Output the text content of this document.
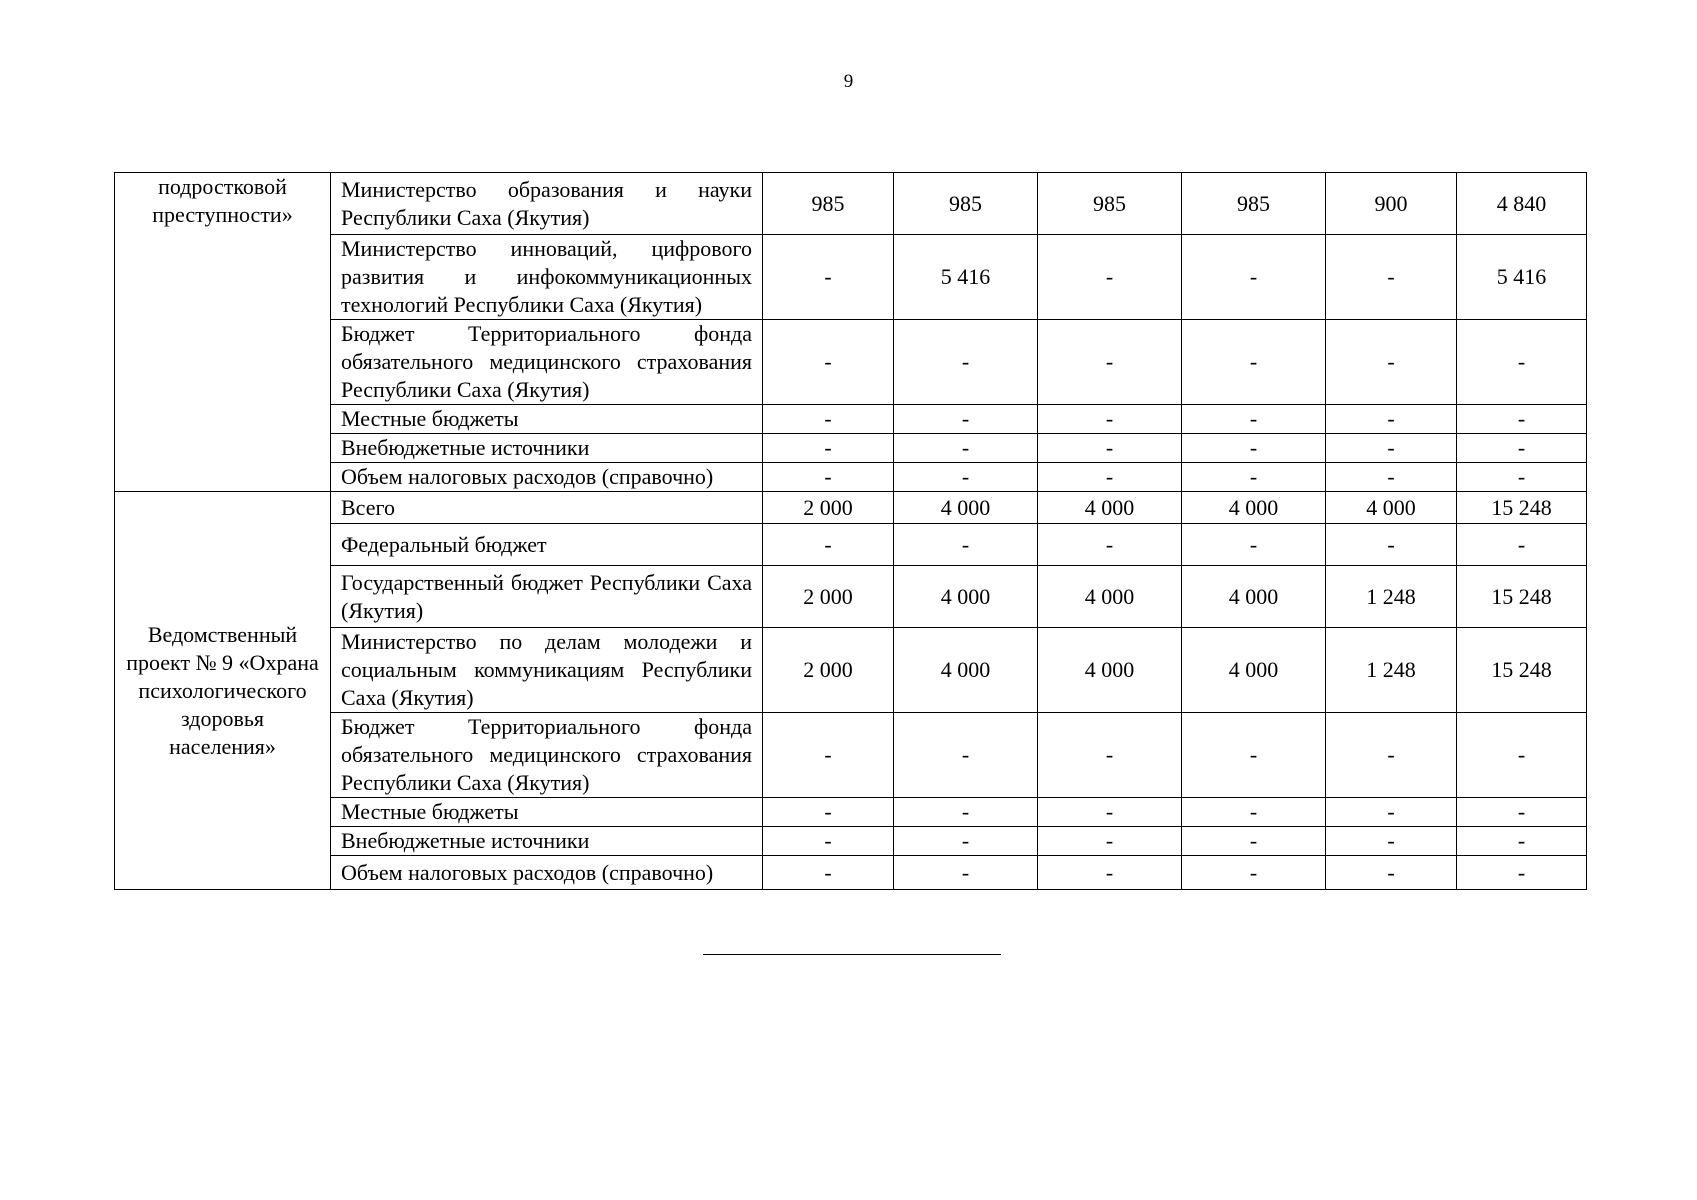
9
подростковой преступности»	Министерство образования и науки Республики Саха (Якутия)	985	985	985	985	900	4 840
	Министерство инноваций, цифрового развития и инфокоммуникационных технологий Республики Саха (Якутия)	-	5 416	-	-	-	5 416
	Бюджет Территориального фонда обязательного медицинского страхования Республики Саха (Якутия)	-	-	-	-	-	-
	Местные бюджеты	-	-	-	-	-	-
	Внебюджетные источники	-	-	-	-	-	-
	Объем налоговых расходов (справочно)	-	-	-	-	-	-
Ведомственный проект № 9 «Охрана психологического здоровья населения»	Всего	2 000	4 000	4 000	4 000	4 000	15 248
	Федеральный бюджет	-	-	-	-	-	-
	Государственный бюджет Республики Саха (Якутия)	2 000	4 000	4 000	4 000	1 248	15 248
	Министерство по делам молодежи и социальным коммуникациям Республики Саха (Якутия)	2 000	4 000	4 000	4 000	1 248	15 248
	Бюджет Территориального фонда обязательного медицинского страхования Республики Саха (Якутия)	-	-	-	-	-	-
	Местные бюджеты	-	-	-	-	-	-
	Внебюджетные источники	-	-	-	-	-	-
	Объем налоговых расходов (справочно)	-	-	-	-	-	-
